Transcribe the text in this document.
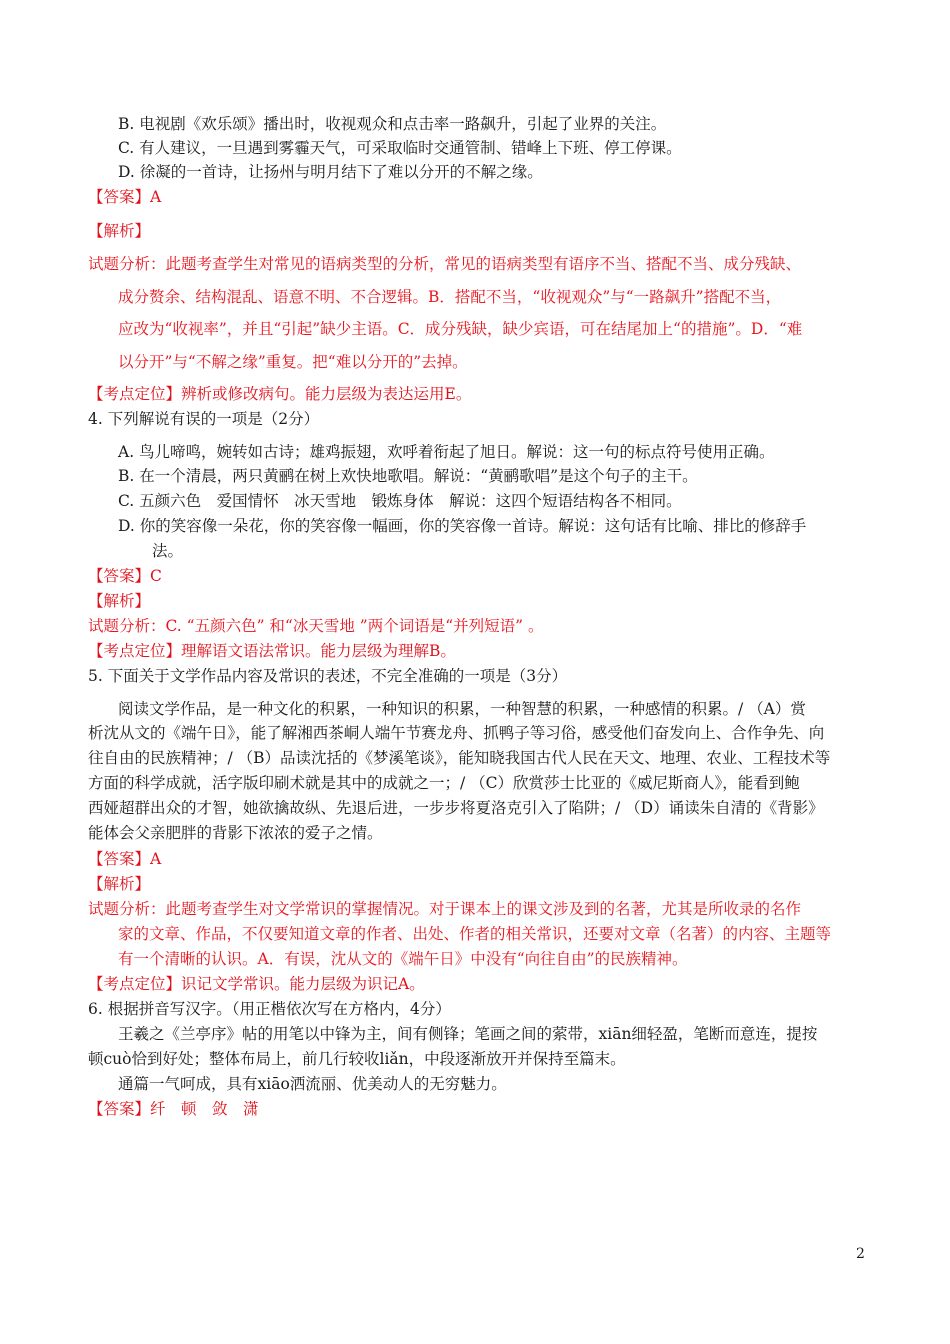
B. 电视剧《欢乐颂》播出时，收视观众和点击率一路飙升，引起了业界的关注。
C. 有人建议，一旦遇到雾霾天气，可采取临时交通管制、错峰上下班、停工停课。
D. 徐凝的一首诗，让扬州与明月结下了难以分开的不解之缘。
【答案】A
【解析】
试题分析：此题考查学生对常见的语病类型的分析，常见的语病类型有语序不当、搭配不当、成分残缺、
成分赘余、结构混乱、语意不明、不合逻辑。B．搭配不当，“收视观众”与“一路飙升”搭配不当，
应改为“收视率”，并且“引起”缺少主语。C．成分残缺，缺少宾语，可在结尾加上“的措施”。D．“难
以分开”与“不解之缘”重复。把“难以分开的”去掉。
【考点定位】辨析或修改病句。能力层级为表达运用E。
4. 下列解说有误的一项是（2分）
A. 鸟儿啼鸣，婉转如古诗；雄鸡振翅，欢呼着衔起了旭日。解说：这一句的标点符号使用正确。
B. 在一个清晨，两只黄鹂在树上欢快地歌唱。解说：“黄鹂歌唱”是这个句子的主干。
C. 五颜六色　爱国情怀　冰天雪地　锻炼身体　解说：这四个短语结构各不相同。
D. 你的笑容像一朵花，你的笑容像一幅画，你的笑容像一首诗。解说：这句话有比喻、排比的修辞手
法。
【答案】C
【解析】
试题分析：C. “五颜六色” 和“冰天雪地 ”两个词语是“并列短语” 。
【考点定位】理解语文语法常识。能力层级为理解B。
5. 下面关于文学作品内容及常识的表述，不完全准确的一项是（3分）
阅读文学作品，是一种文化的积累，一种知识的积累，一种智慧的积累，一种感情的积累。/ （A）赏
析沈从文的《端午日》，能了解湘西茶峒人端午节赛龙舟、抓鸭子等习俗，感受他们奋发向上、合作争先、向
往自由的民族精神；/ （B）品读沈括的《梦溪笔谈》，能知晓我国古代人民在天文、地理、农业、工程技术等
方面的科学成就，活字版印刷术就是其中的成就之一；/ （C）欣赏莎士比亚的《威尼斯商人》，能看到鲍
西娅超群出众的才智，她欲擒故纵、先退后进，一步步将夏洛克引入了陷阱；/ （D）诵读朱自清的《背影》
能体会父亲肥胖的背影下浓浓的爱子之情。
【答案】A
【解析】
试题分析：此题考查学生对文学常识的掌握情况。对于课本上的课文涉及到的名著，尤其是所收录的名作
家的文章、作品，不仅要知道文章的作者、出处、作者的相关常识，还要对文章（名著）的内容、主题等
有一个清晰的认识。A．有误，沈从文的《端午日》中没有“向往自由”的民族精神。
【考点定位】识记文学常识。能力层级为识记A。
6. 根据拼音写汉字。（用正楷依次写在方格内，4分）
王羲之《兰亭序》帖的用笔以中锋为主，间有侧锋；笔画之间的萦带，xiān细轻盈，笔断而意连，提按
顿cuò恰到好处；整体布局上，前几行较收liǎn，中段逐渐放开并保持至篇末。
通篇一气呵成，具有xiāo洒流丽、优美动人的无穷魅力。
【答案】纤　顿　敛　潇
2
